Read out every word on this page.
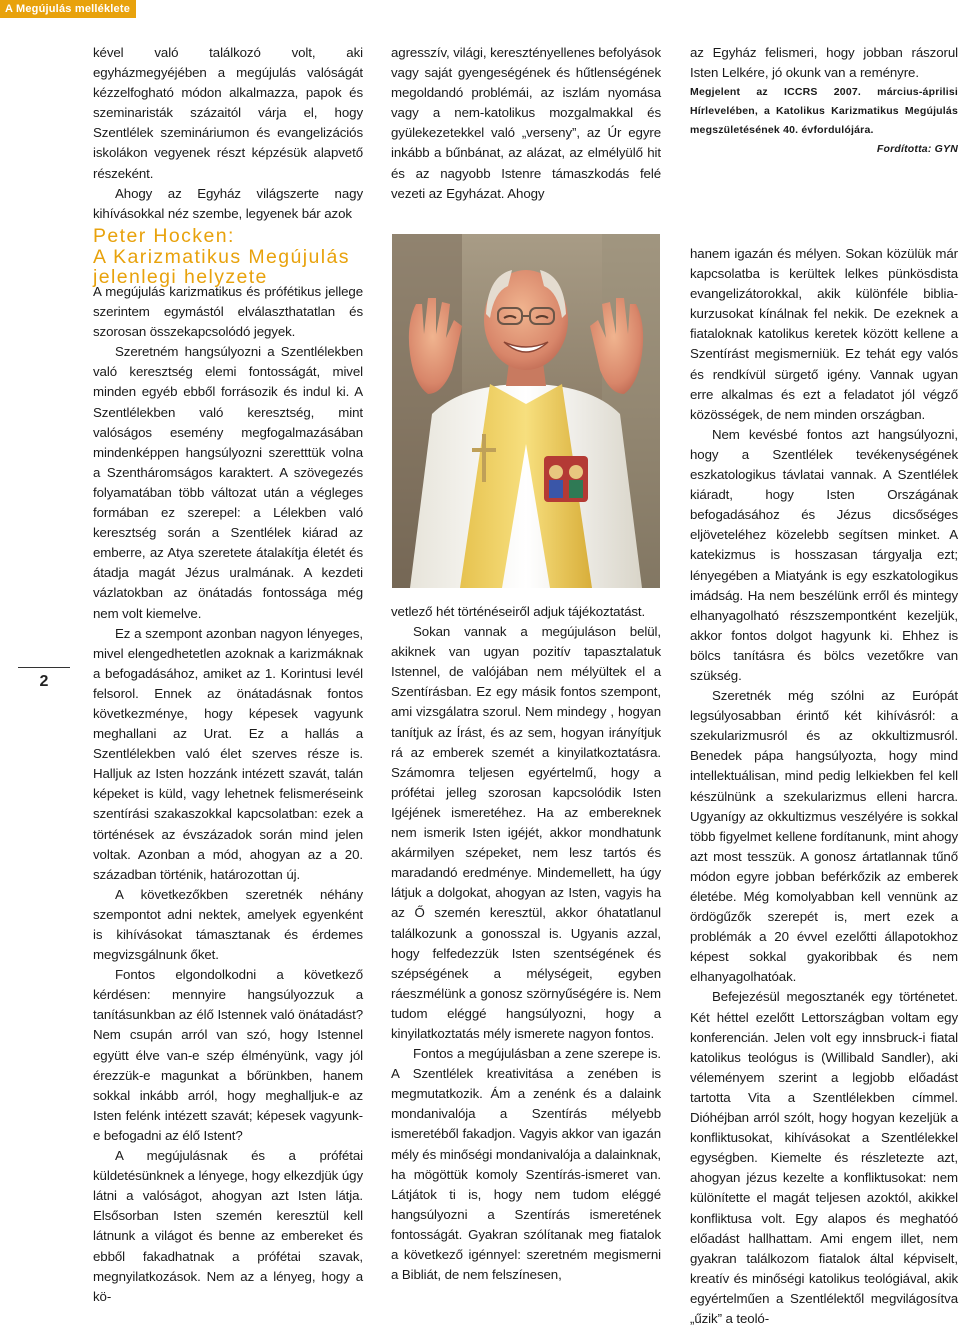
A Megújulás melléklete

kével való találkozó volt, aki egyházmegyéjében a megújulás valóságát kézzelfogható módon alkalmazza, papok és szeminaristák százaitól várja el, hogy Szentlélek szemináriumon és evangelizációs iskolákon vegyenek részt képzésük alapvető részeként.

Ahogy az Egyház világszerte nagy kihívásokkal néz szembe, legyenek bár azok

agresszív, világi, keresztényellenes befolyások vagy saját gyengeségének és hűtlenségének megoldandó problémái, az iszlám nyomása vagy a nem-katolikus mozgalmakkal és gyülekezetekkel való „verseny”, az Úr egyre inkább a bűnbánat, az alázat, az elmélyülő hit és az nagyobb Istenre támaszkodás felé vezeti az Egyházat. Ahogy

az Egyház felismeri, hogy jobban rászorul Isten Lelkére, jó okunk van a reményre.

Megjelent az ICCRS 2007. március-áprilisi Hírlevelében, a Katolikus Karizmatikus Megújulás megszületésének 40. évfordulójára.

Fordította: GYN

Peter Hocken:
A Karizmatikus Megújulás
jelenlegi helyzete

A megújulás karizmatikus és prófétikus jellege szerintem egymástól elválaszthatatlan és szorosan összekapcsolódó jegyek.

Szeretném hangsúlyozni a Szentlélekben való keresztség elemi fontosságát, mivel minden egyéb ebből forrásozik és indul ki. A Szentlélekben való keresztség, mint valóságos esemény megfogalmazásában mindenképpen hangsúlyozni szeretttük volna a Szentháromságos karaktert. A szövegezés folyamatában több változat után a végleges formában ez szerepel: a Lélekben való keresztség során a Szentlélek kiárad az emberre, az Atya szeretete átalakítja életét és átadja magát Jézus uralmának. A kezdeti vázlatokban az önátadás fontossága még nem volt kiemelve.

Ez a szempont azonban nagyon lényeges, mivel elengedhetetlen azoknak a karizmáknak a befogadásához, amiket az 1. Korintusi levél felsorol. Ennek az önátadásnak fontos következménye, hogy képesek vagyunk meghallani az Urat. Ez a hallás a Szentlélekben való élet szerves része is. Halljuk az Isten hozzánk intézett szavát, talán képeket is küld, vagy lehetnek felismeréseink szentírási szakaszokkal kapcsolatban: ezek a történések az évszázadok során mind jelen voltak. Azonban a mód, ahogyan az a 20. században történik, határozottan új.

A következőkben szeretnék néhány szempontot adni nektek, amelyek egyenként is kihívásokat támasztanak és érdemes megvizsgálnunk őket.

Fontos elgondolkodni a következő kérdésen: mennyire hangsúlyozzuk a tanításunkban az élő Istennek való önátadást? Nem csupán arról van szó, hogy Istennel együtt élve van-e szép élményünk, vagy jól érezzük-e magunkat a bőrünkben, hanem sokkal inkább arról, hogy meghalljuk-e az Isten felénk intézett szavát; képesek vagyunk-e befogadni az élő Istent?

A megújulásnak és a prófétai küldetésünknek a lényege, hogy elkezdjük úgy látni a valóságot, ahogyan azt Isten látja. Elsősorban Isten szemén keresztül kell látnunk a világot és benne az embereket és ebből fakadhatnak a prófétai szavak, megnyilatkozások. Nem az a lényeg, hogy a kö-

vetlező hét történéseiről adjuk tájékoztatást.

Sokan vannak a megújuláson belül, akiknek van ugyan pozitív tapasztalatuk Istennel, de valójában nem mélyültek el a Szentírásban. Ez egy másik fontos szempont, ami vizsgálatra szorul. Nem mindegy , hogyan tanítjuk az Írást, és az sem, hogyan irányítjuk rá az emberek szemét a kinyilatkoztatásra. Számomra teljesen egyértelmű, hogy a prófétai jelleg szorosan kapcsolódik Isten Igéjének ismeretéhez. Ha az embereknek nem ismerik Isten igéjét, akkor mondhatunk akármilyen szépeket, nem lesz tartós és maradandó eredménye. Mindemellett, ha úgy látjuk a dolgokat, ahogyan az Isten, vagyis ha az Ő szemén keresztül, akkor óhatatlanul találkozunk a gonosszal is. Ugyanis azzal, hogy felfedezzük Isten szentségének és szépségének a mélységeit, egyben ráeszmélünk a gonosz szörnyűségére is. Nem tudom eléggé hangsúlyozni, hogy a kinyilatkoztatás mély ismerete nagyon fontos.

Fontos a megújulásban a zene szerepe is. A Szentlélek kreativitása a zenében is megmutatkozik. Ám a zenénk és a dalaink mondanivalója a Szentírás mélyebb ismeretéből fakadjon. Vagyis akkor van igazán mély és minőségi mondanivalója a dalainknak, ha mögöttük komoly Szentírás-ismeret van. Látjátok ti is, hogy nem tudom eléggé hangsúlyozni a Szentírás ismeretének fontosságát. Gyakran szólítanak meg fiatalok a következő igénnyel: szeretném megismerni a Bibliát, de nem felszínesen,

hanem igazán és mélyen. Sokan közülük már kapcsolatba is kerültek lelkes pünkösdista evangelizátorokkal, akik különféle biblia-kurzusokat kínálnak fel nekik. De ezeknek a fiataloknak katolikus keretek között kellene a Szentírást megismerniük. Ez tehát egy valós és rendkívül sürgető igény. Vannak ugyan erre alkalmas és ezt a feladatot jól végző közösségek, de nem minden országban.

Nem kevésbé fontos azt hangsúlyozni, hogy a Szentlélek tevékenységének eszkatologikus távlatai vannak. A Szentlélek kiáradt, hogy Isten Országának befogadásához és Jézus dicsőséges eljöveteléhez közelebb segítsen minket. A katekizmus is hosszasan tárgyalja ezt; lényegében a Miatyánk is egy eszkatologikus imádság. Ha nem beszélünk erről és mintegy elhanyagolható részszempontként kezeljük, akkor fontos dolgot hagyunk ki. Ehhez is bölcs tanításra és bölcs vezetőkre van szükség.

Szeretnék még szólni az Európát legsúlyosabban érintő két kihívásról: a szekularizmusról és az okkultizmusról. Benedek pápa hangsúlyozta, hogy mind intellektuálisan, mind pedig lelkiekben fel kell készülnünk a szekularizmus elleni harcra. Ugyanígy az okkultizmus veszélyére is sokkal több figyelmet kellene fordítanunk, mint ahogy azt most tesszük. A gonosz ártatlannak tűnő módon egyre jobban beférkőzik az emberek életébe. Még komolyabban kell vennünk az ördögűzők szerepét is, mert ezek a problémák a 20 évvel ezelőtti állapotokhoz képest sokkal gyakoribbak és nem elhanyagolhatóak.

Befejezésül megosztanék egy történetet. Két héttel ezelőtt Lettországban voltam egy konferencián. Jelen volt egy innsbruck-i fiatal katolikus teológus is (Willibald Sandler), aki véleményem szerint a legjobb előadást tartotta Vita a Szentlélekben címmel. Dióhéjban arról szólt, hogy hogyan kezeljük a konfliktusokat, kihívásokat a Szentlélekkel egységben. Kiemelte és részletezte azt, ahogyan jézus kezelte a konfliktusokat: nem különítette el magát teljesen azoktól, akikkel konfliktusa volt. Egy alapos és meghatóó előadást hallhattam. Ami engem illet, nem gyakran találkozom fiatalok által képviselt, kreatív és minőségi katolikus teológiával, akik egyértelműen a Szentlélektől megvilágosítva „űzik” a teoló-

2
